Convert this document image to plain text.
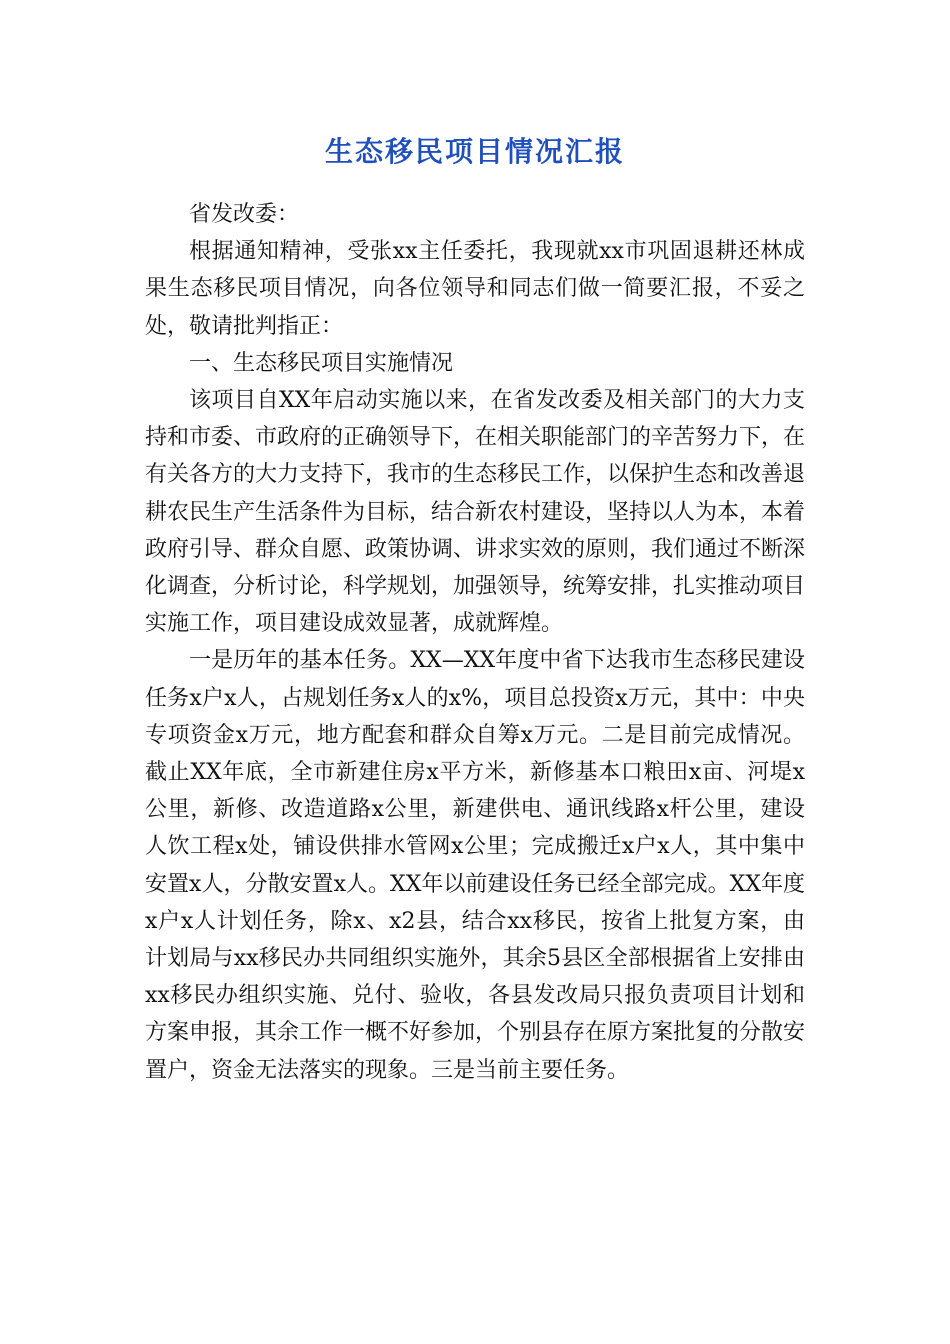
生态移民项目情况汇报

省发改委：

根据通知精神，受张xx主任委托，我现就xx市巩固退耕还林成果生态移民项目情况，向各位领导和同志们做一简要汇报，不妥之处，敬请批判指正：

一、生态移民项目实施情况

该项目自XX年启动实施以来，在省发改委及相关部门的大力支持和市委、市政府的正确领导下，在相关职能部门的辛苦努力下，在有关各方的大力支持下，我市的生态移民工作，以保护生态和改善退耕农民生产生活条件为目标，结合新农村建设，坚持以人为本，本着政府引导、群众自愿、政策协调、讲求实效的原则，我们通过不断深化调查，分析讨论，科学规划，加强领导，统筹安排，扎实推动项目实施工作，项目建设成效显著，成就辉煌。

一是历年的基本任务。XX—XX年度中省下达我市生态移民建设任务x户x人，占规划任务x人的x%，项目总投资x万元，其中：中央专项资金x万元，地方配套和群众自筹x万元。二是目前完成情况。截止XX年底，全市新建住房x平方米，新修基本口粮田x亩、河堤x公里，新修、改造道路x公里，新建供电、通讯线路x杆公里，建设人饮工程x处，铺设供排水管网x公里；完成搬迁x户x人，其中集中安置x人，分散安置x人。XX年以前建设任务已经全部完成。XX年度x户x人计划任务，除x、x2县，结合xx移民，按省上批复方案，由计划局与xx移民办共同组织实施外，其余5县区全部根据省上安排由xx移民办组织实施、兑付、验收，各县发改局只报负责项目计划和方案申报，其余工作一概不好参加，个别县存在原方案批复的分散安置户，资金无法落实的现象。三是当前主要任务。
